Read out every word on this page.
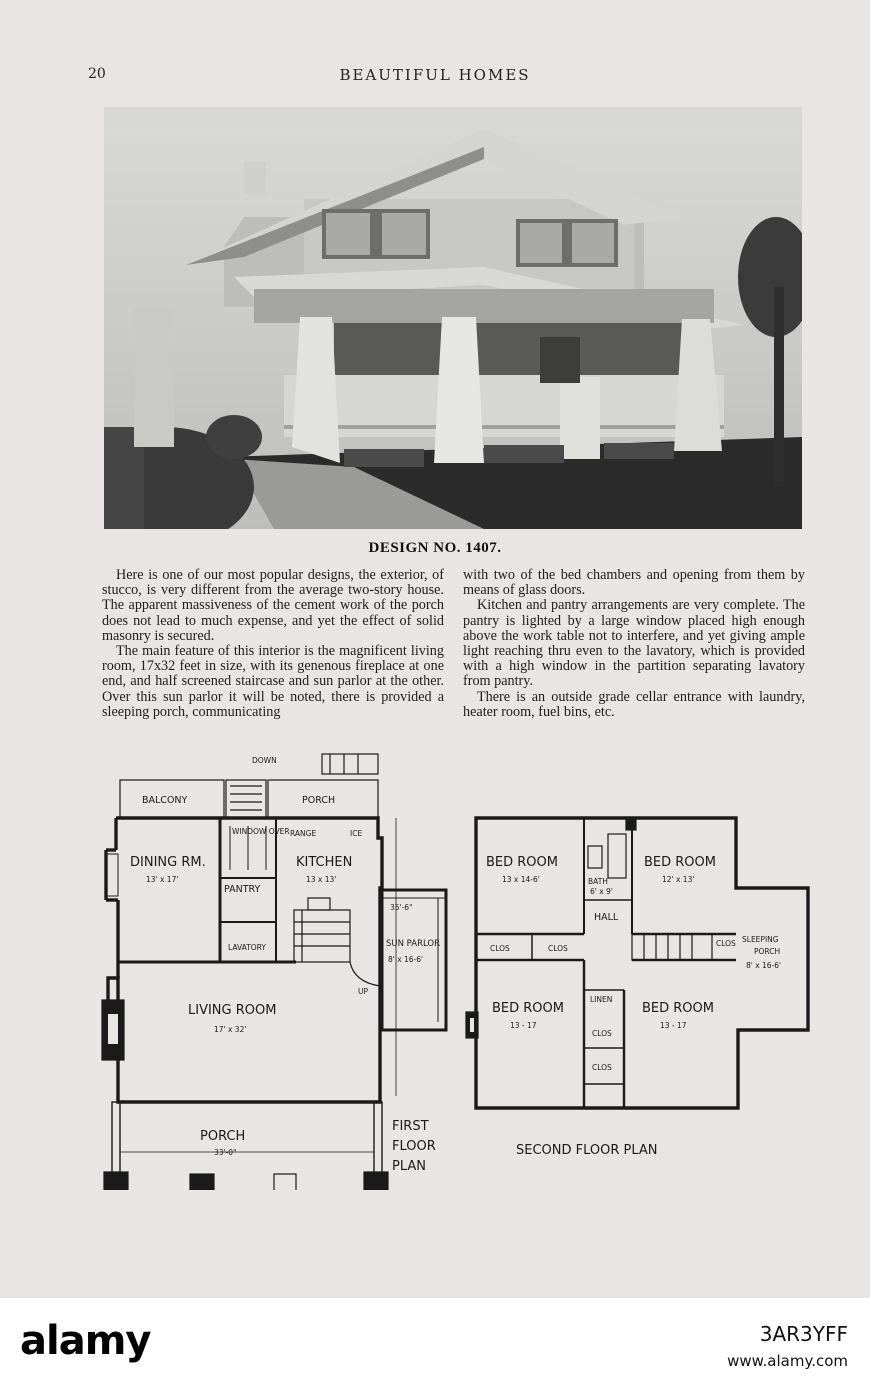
20	BEAUTIFUL HOMES
DESIGN NO. 1407.

Here is one of our most popular designs, the exterior, of stucco, is very different from the average two-story house. The apparent massiveness of the cement work of the porch does not lead to much expense, and yet the effect of solid masonry is secured.

The main feature of this interior is the magnificent living room, 17x32 feet in size, with its genenous fireplace at one end, and half screened staircase and sun parlor at the other. Over this sun parlor it will be noted, there is provided a sleeping porch, communicating

with two of the bed chambers and opening from them by means of glass doors.

Kitchen and pantry arrangements are very complete. The pantry is lighted by a large window placed high enough above the work table not to interfere, and yet giving ample light reaching thru even to the lavatory, which is provided with a high window in the partition separating lavatory from pantry.

There is an outside grade cellar entrance with laundry, heater room, fuel bins, etc.

DOWN
BALCONY	PORCH
WINDOW OVER RANGE	ICE
DINING RM.
13' x 17'
KITCHEN
13 x 13'
PANTRY
LAVATORY	SUN PARLOR
8' x 16-6'
UP
LIVING ROOM
17' x 32'
35'-6"
PORCH
33'-0"
FIRST
FLOOR
PLAN
BED ROOM
13 x 14-6'	BATH
6' x 9'
BED ROOM
12' x 13'
HALL
CLOS	CLOS
CLOS SLEEPING
PORCH
8' x 16-6'
BED ROOM
13 - 17
LINEN
CLOS
BED ROOM
13 - 17
CLOS
SECOND FLOOR PLAN
alamy	3AR3YFF
www.alamy.com
